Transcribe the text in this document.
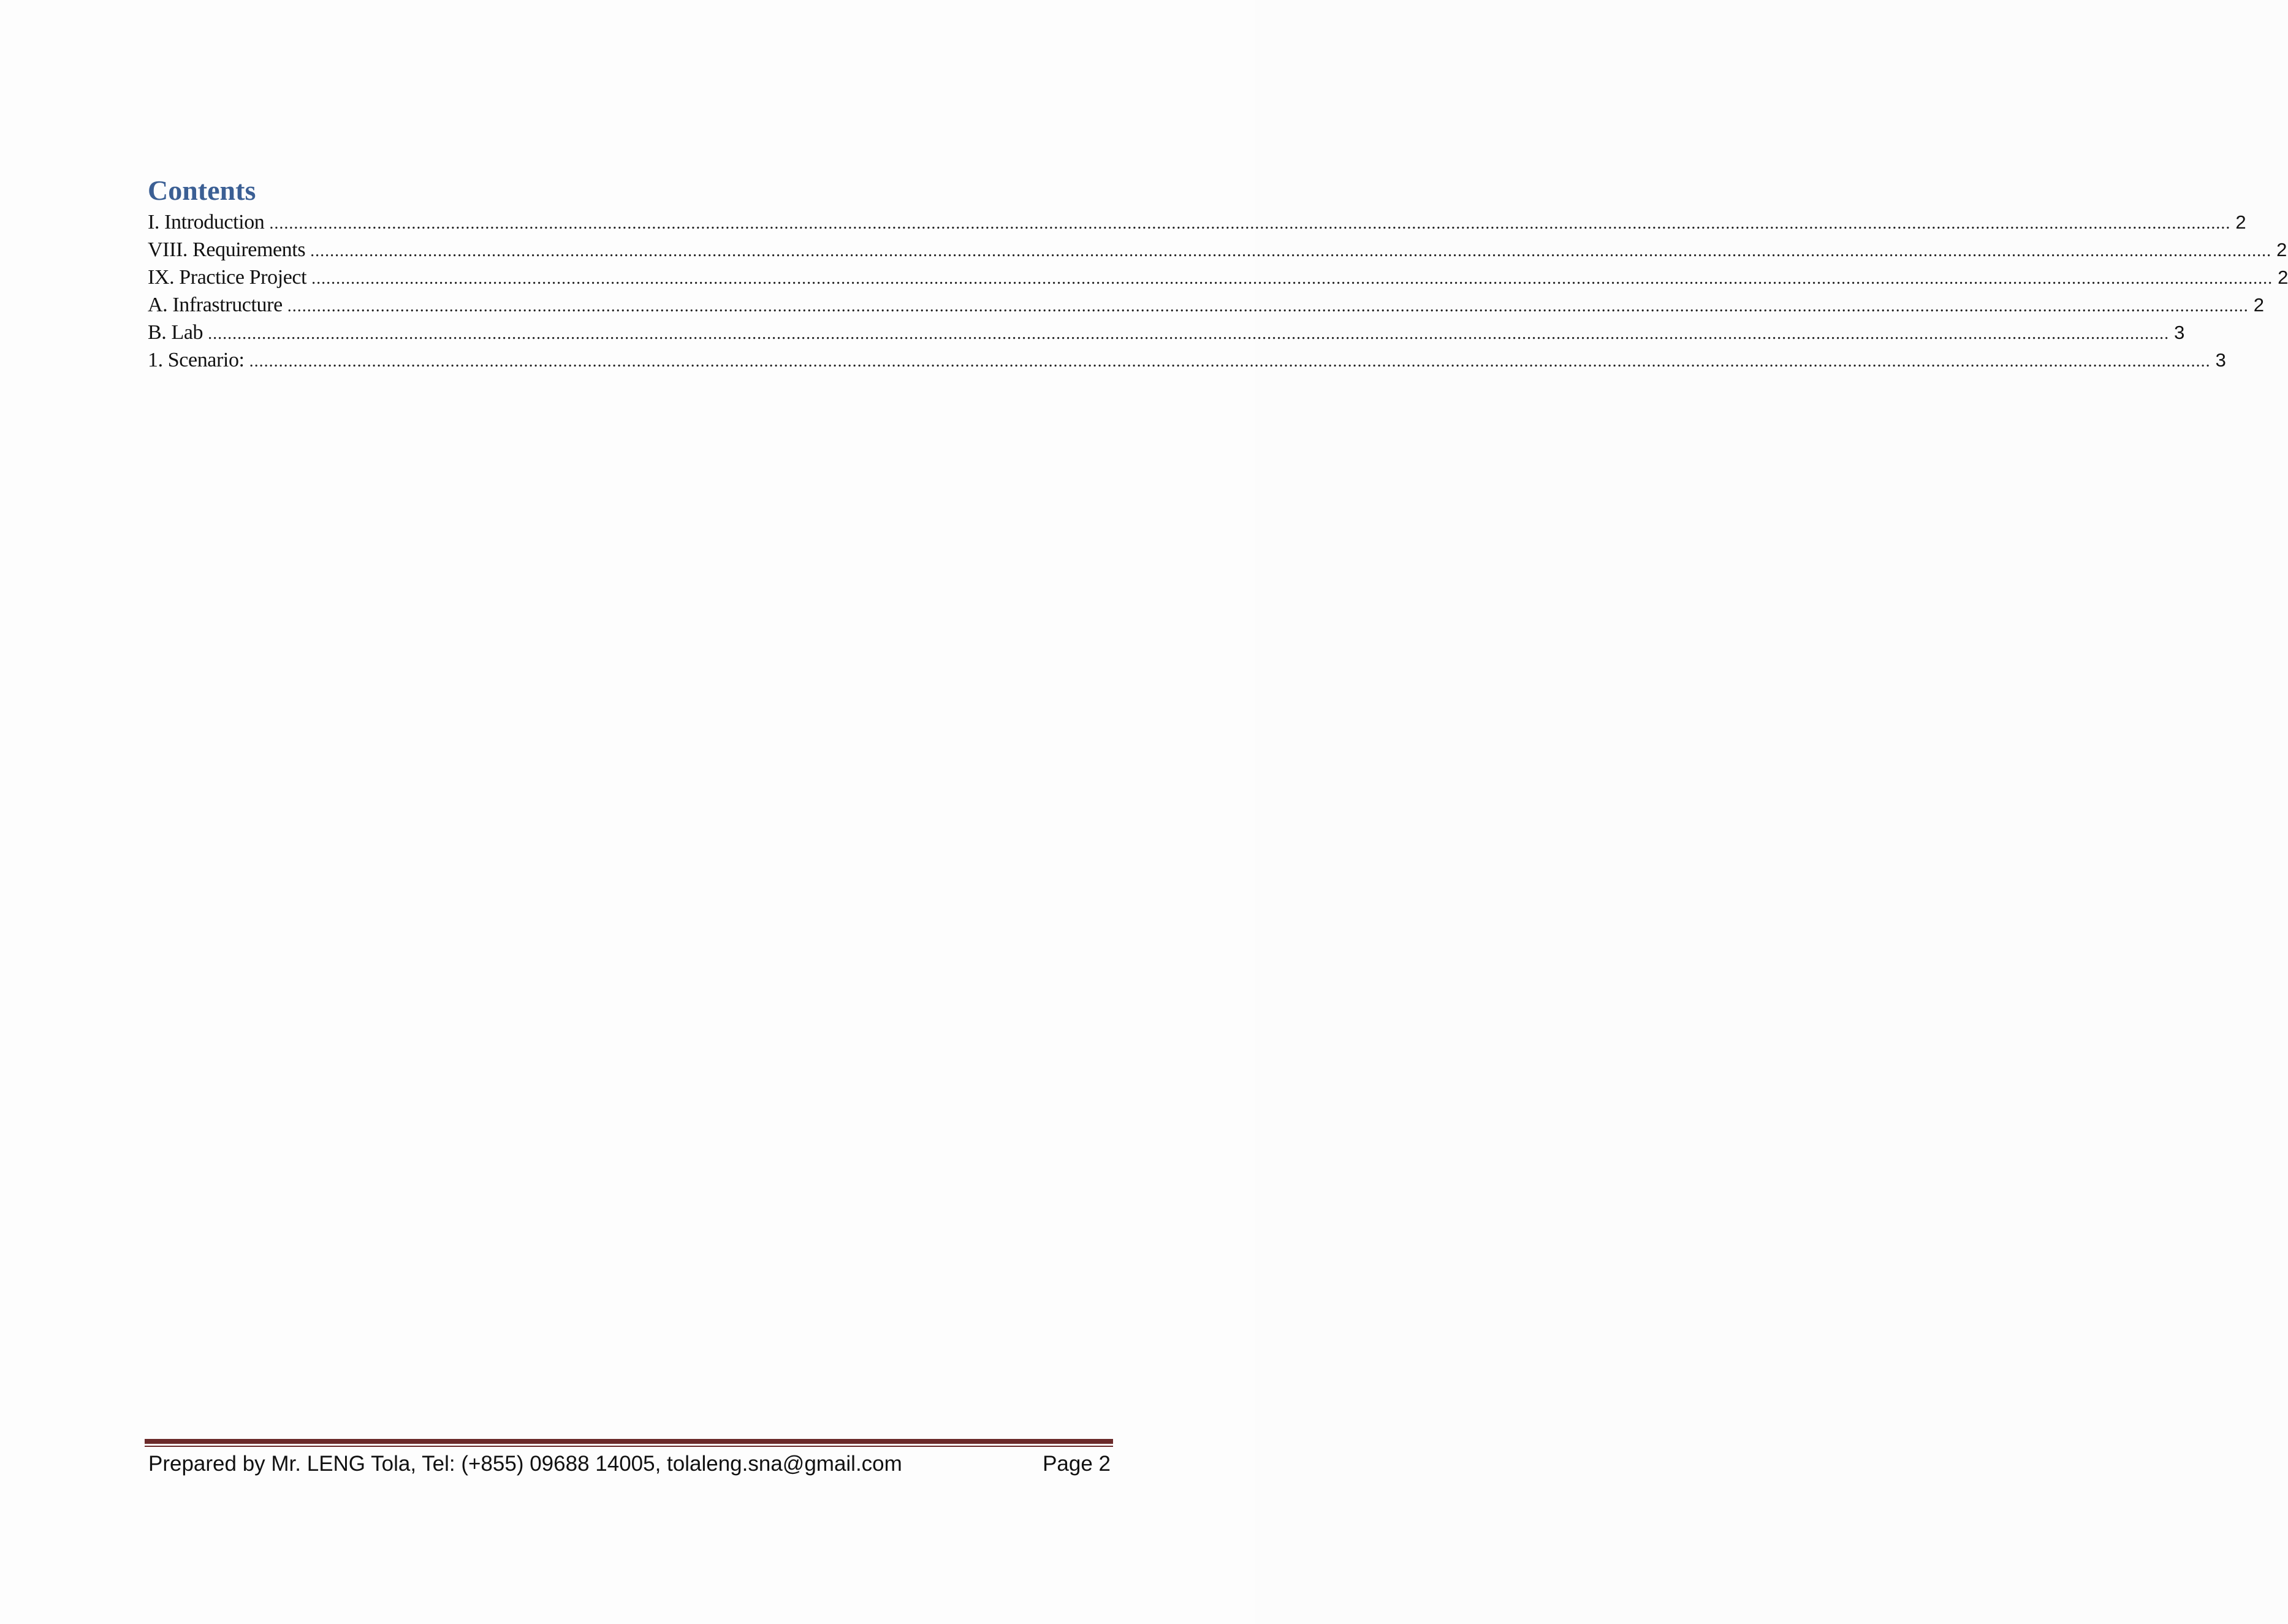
Contents
I. Introduction ................................................................................................................................................................................................................................................................................................................................................................................................................ 2
VIII. Requirements ................................................................................................................................................................................................................................................................................................................................................................................................................ 2
IX. Practice Project ................................................................................................................................................................................................................................................................................................................................................................................................................ 2
A. Infrastructure ................................................................................................................................................................................................................................................................................................................................................................................................................ 2
B. Lab ................................................................................................................................................................................................................................................................................................................................................................................................................ 3
1. Scenario: ................................................................................................................................................................................................................................................................................................................................................................................................................ 3
Prepared by Mr. LENG Tola, Tel: (+855) 09688 14005, tolaleng.sna@gmail.com	Page 2
